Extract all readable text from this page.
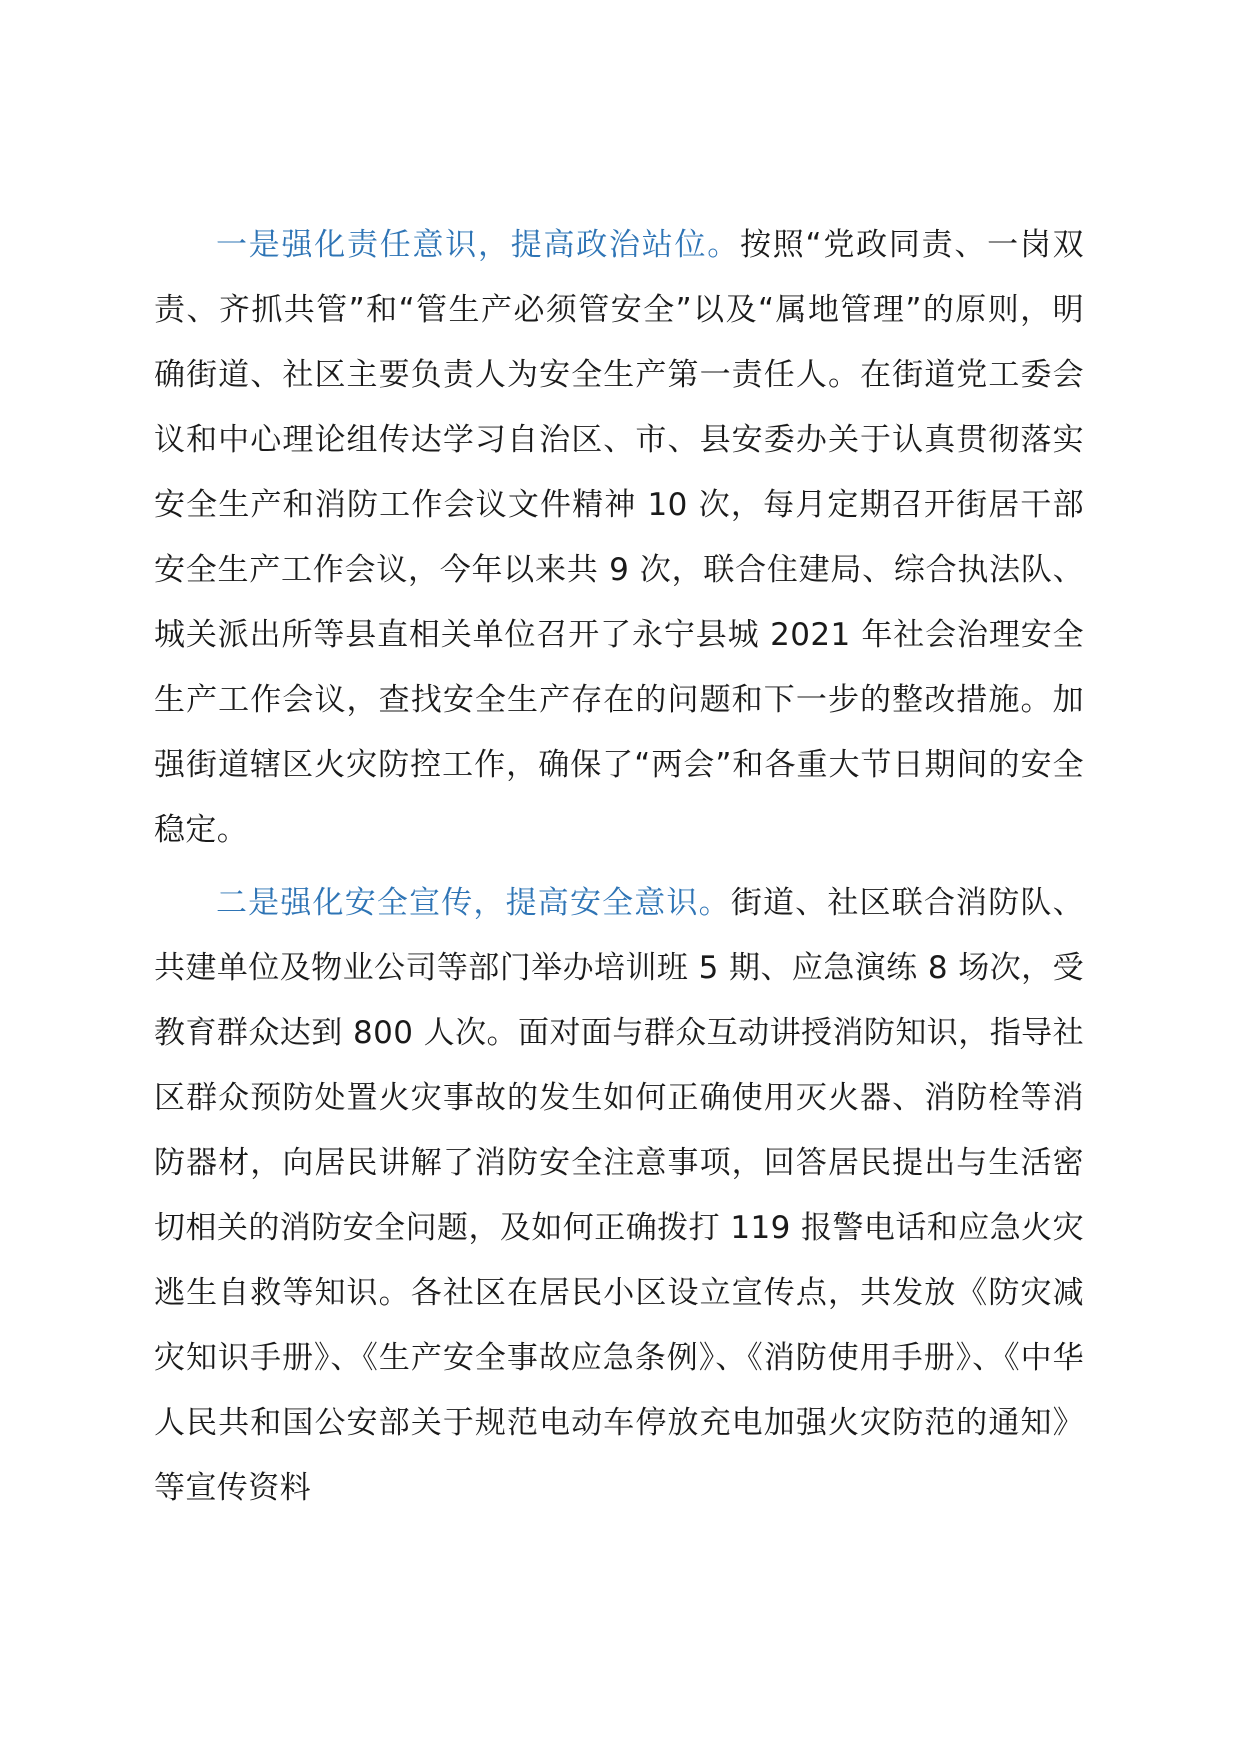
一是强化责任意识，提高政治站位。按照“党政同责、一岗双责、齐抓共管”和“管生产必须管安全”以及“属地管理”的原则，明确街道、社区主要负责人为安全生产第一责任人。在街道党工委会议和中心理论组传达学习自治区、市、县安委办关于认真贯彻落实安全生产和消防工作会议文件精神 10 次，每月定期召开街居干部安全生产工作会议，今年以来共 9 次，联合住建局、综合执法队、城关派出所等县直相关单位召开了永宁县城 2021 年社会治理安全生产工作会议，查找安全生产存在的问题和下一步的整改措施。加强街道辖区火灾防控工作，确保了“两会”和各重大节日期间的安全稳定。

二是强化安全宣传，提高安全意识。街道、社区联合消防队、共建单位及物业公司等部门举办培训班 5 期、应急演练 8 场次，受教育群众达到 800 人次。面对面与群众互动讲授消防知识，指导社区群众预防处置火灾事故的发生如何正确使用灭火器、消防栓等消防器材，向居民讲解了消防安全注意事项，回答居民提出与生活密切相关的消防安全问题，及如何正确拨打 119 报警电话和应急火灾逃生自救等知识。各社区在居民小区设立宣传点，共发放《防灾减灾知识手册》、《生产安全事故应急条例》、《消防使用手册》、《中华人民共和国公安部关于规范电动车停放充电加强火灾防范的通知》等宣传资料
